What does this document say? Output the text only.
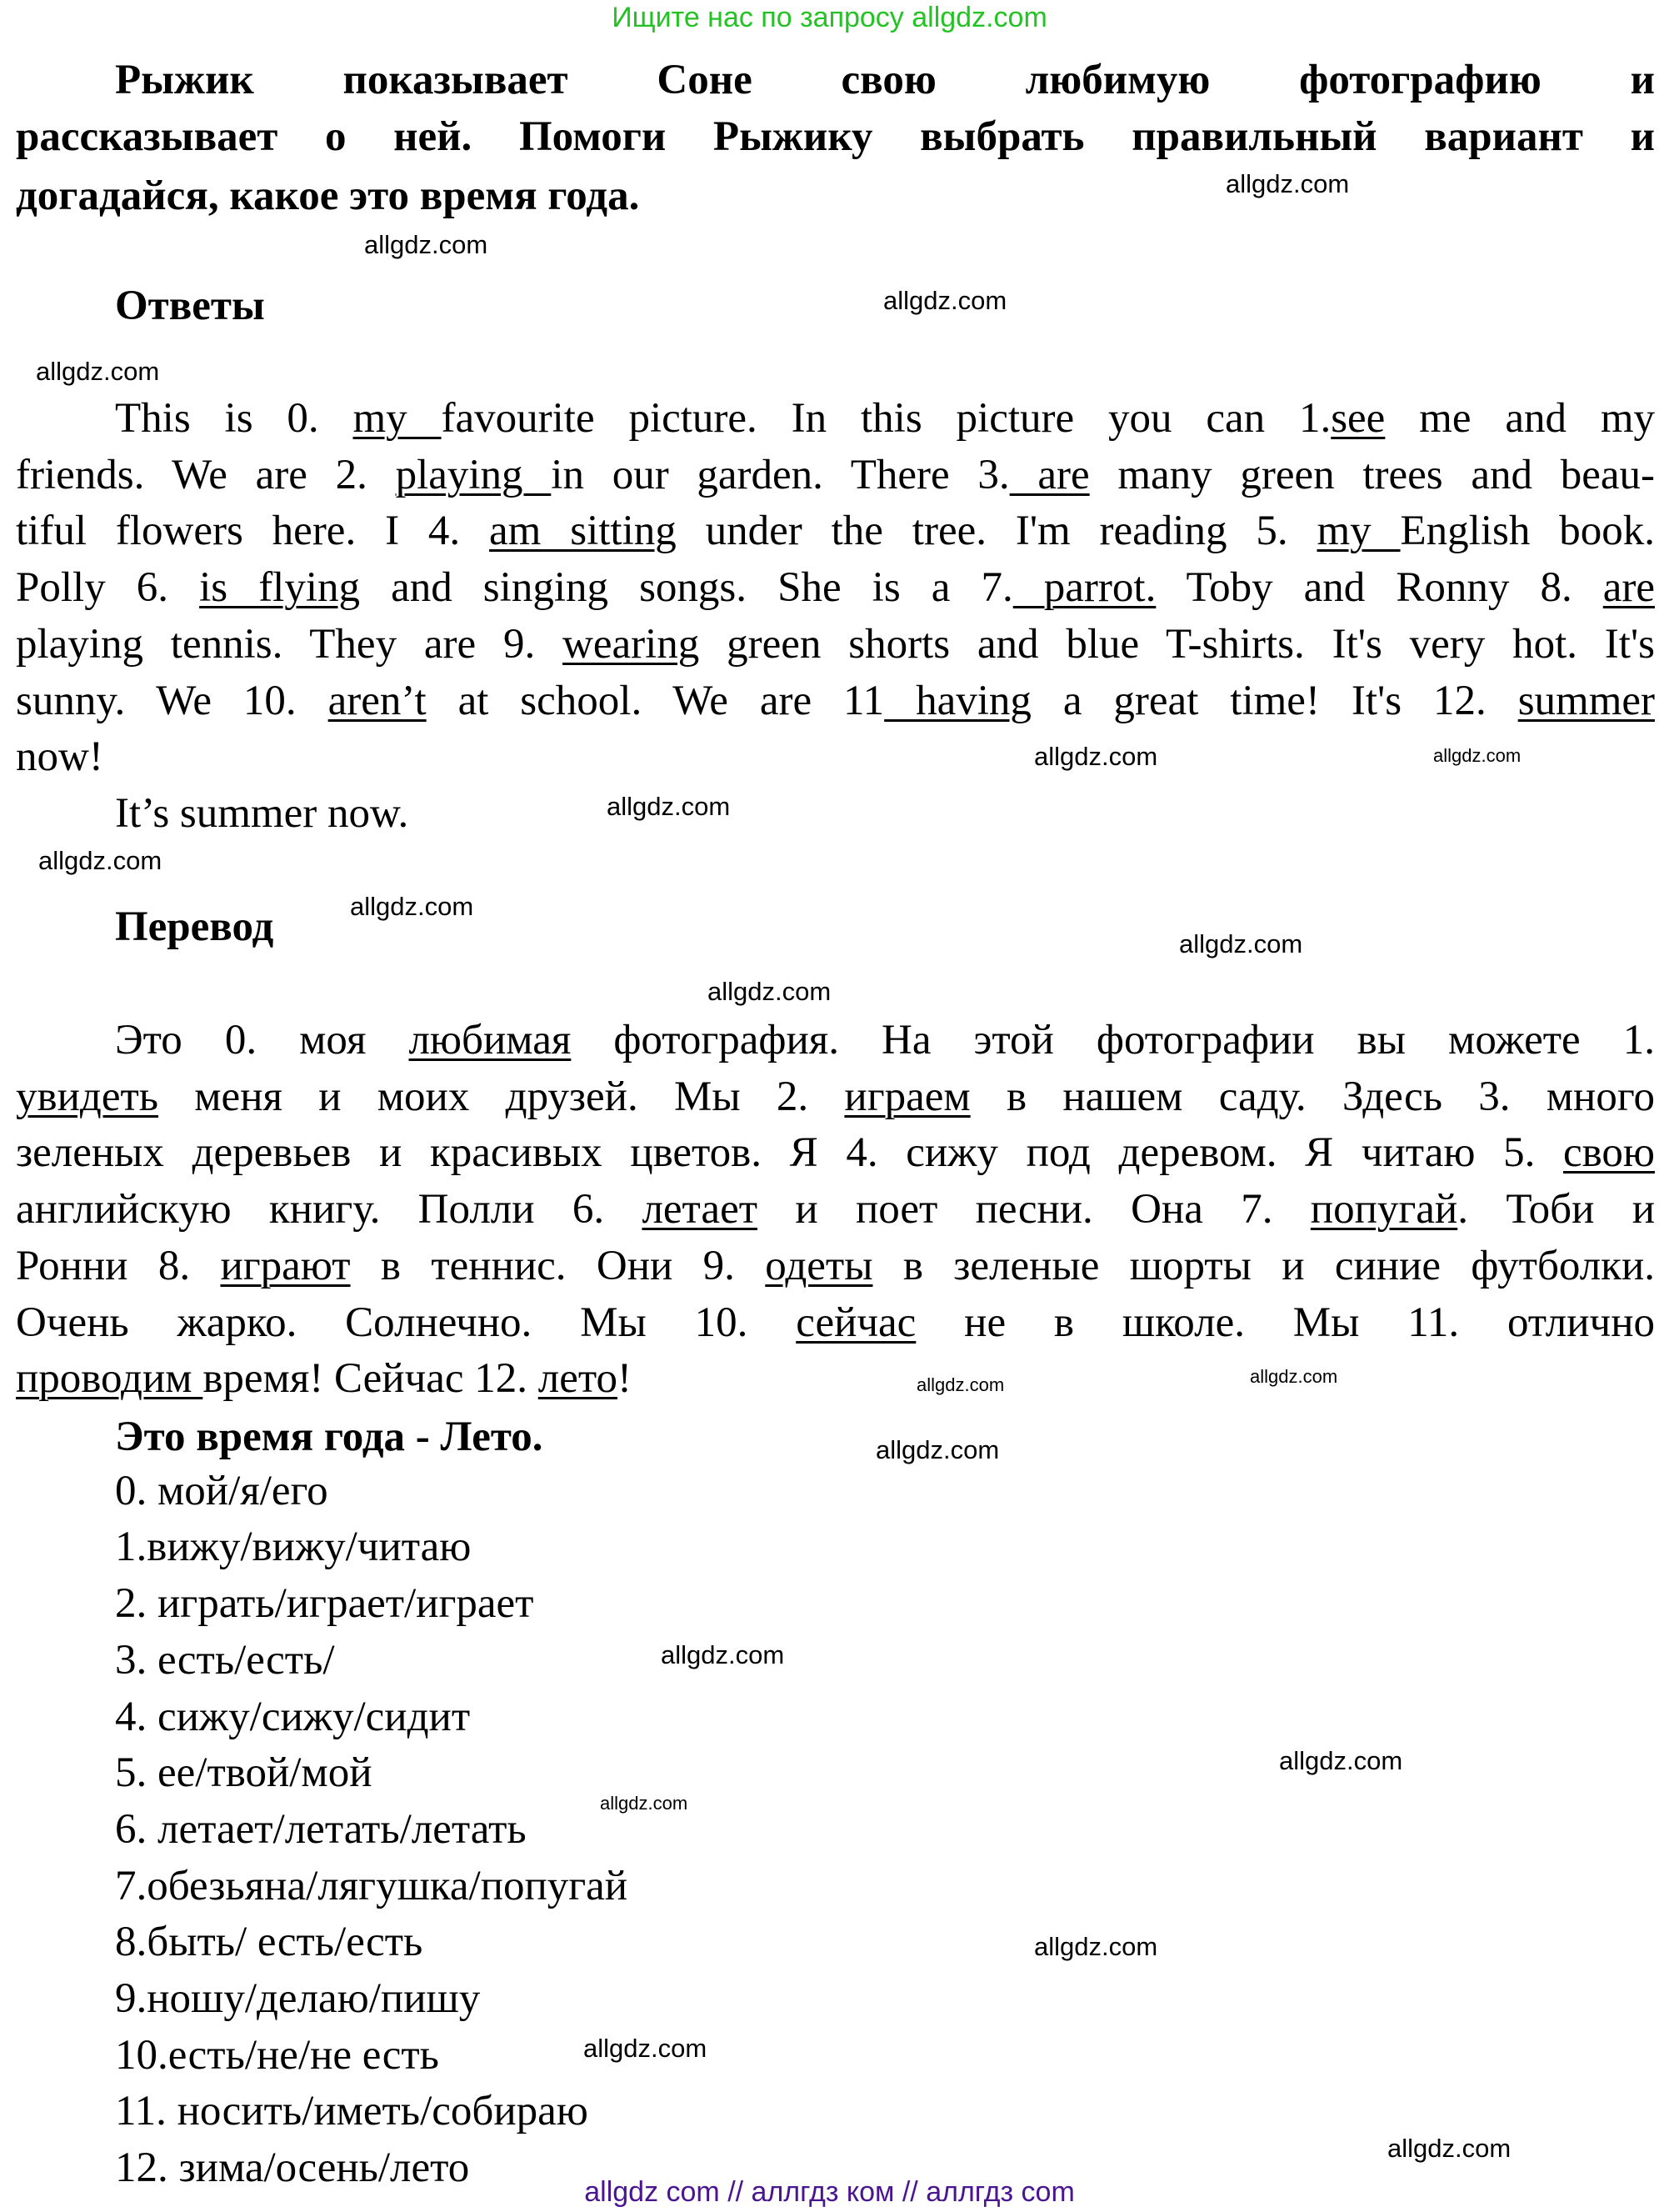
Ищите нас по запросу allgdz.com
Рыжик показывает Соне свою любимую фотографию и
рассказывает о ней. Помоги Рыжику выбрать правильный вариант и
догадайся, какое это время года.
Ответы
This is 0. my favourite picture. In this picture you can 1.see me and my
friends. We are 2. playing in our garden. There 3. are many green trees and beau-
tiful flowers here. I 4. am sitting under the tree. I'm reading 5. my English book.
Polly 6. is flying and singing songs. She is a 7. parrot. Toby and Ronny 8. are
playing tennis. They are 9. wearing green shorts and blue T-shirts. It's very hot. It's
sunny. We 10. aren’t at school. We are 11 having a great time! It's 12. summer
now!
It’s summer now.
Перевод
Это 0. моя любимая фотография. На этой фотографии вы можете 1.
увидеть меня и моих друзей. Мы 2. играем в нашем саду. Здесь 3. много
зеленых деревьев и красивых цветов. Я 4. сижу под деревом. Я читаю 5. свою
английскую книгу. Полли 6. летает и поет песни. Она 7. попугай. Тоби и
Ронни 8. играют в теннис. Они 9. одеты в зеленые шорты и синие футболки.
Очень жарко. Солнечно. Мы 10. сейчас не в школе. Мы 11. отлично
проводим время! Сейчас 12. лето!
Это время года - Лето.
0. мой/я/его
1.вижу/вижу/читаю
2. играть/играет/играет
3. есть/есть/
4. сижу/сижу/сидит
5. ее/твой/мой
6. летает/летать/летать
7.обезьяна/лягушка/попугай
8.быть/ есть/есть
9.ношу/делаю/пишу
10.есть/не/не есть
11. носить/иметь/собираю
12. зима/осень/лето
allgdz.com
allgdz.com
allgdz.com
allgdz.com
allgdz.com
allgdz.com
allgdz.com
allgdz.com
allgdz.com
allgdz.com
allgdz.com
allgdz.com
allgdz.com
allgdz.com
allgdz.com
allgdz.com
allgdz.com
allgdz.com
allgdz.com
allgdz.com
allgdz com // аллгдз ком // аллгдз com
